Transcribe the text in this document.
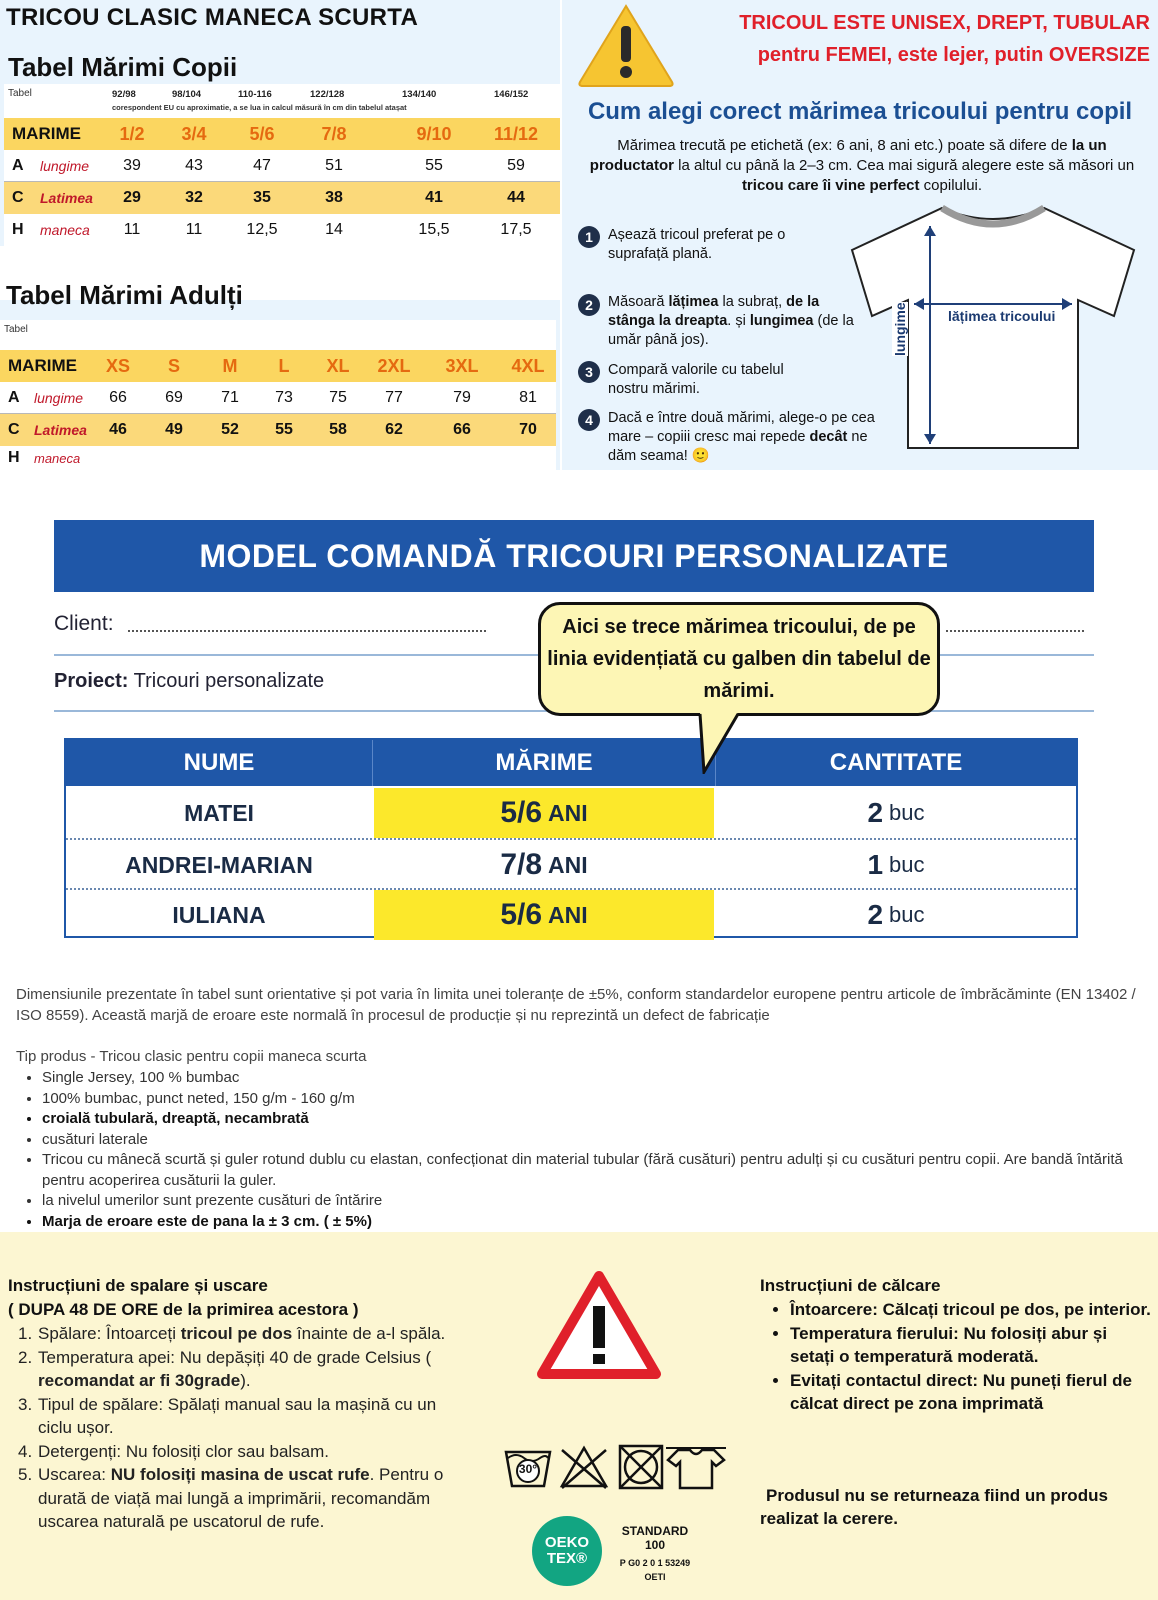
TRICOU CLASIC MANECA SCURTA
Tabel Mărimi Copii
Tabel	92/98	98/104	110-116	122/128	134/140	146/152
corespondent EU cu aproximatie, a se lua in calcul măsură în cm din tabelul atașat
MARIME	1/2	3/4	5/6	7/8	9/10 11/12
A lungime	39	43	47	51	55	59
C Latimea	29	32	35	38	41	44
H maneca	11	11	12,5	14	15,5	17,5
Tabel Mărimi Adulți
Tabel
MARIME	XS	S	M	L	XL	2XL	3XL	4XL
A lungime	66	69	71	73	75	77	79	81
C Latimea	46	49	52	55	58	62	66	70
H maneca
TRICOUL ESTE UNISEX, DREPT, TUBULAR
pentru FEMEI, este lejer, putin OVERSIZE
Cum alegi corect mărimea tricoului pentru copil
Mărimea trecută pe etichetă (ex: 6 ani, 8 ani etc.) poate să difere de la un productator la altul cu până la 2–3 cm. Cea mai sigură alegere este să măsori un tricou care îi vine perfect copilului.
1	Așează tricoul preferat pe o suprafață plană.
2	Măsoară lățimea la subraț, de la stânga la dreapta. și lungimea (de la umăr până jos).
3	Compară valorile cu tabelul nostru mărimi.
4	Dacă e între două mărimi, alege-o pe cea mare – copiii cresc mai repede decât ne dăm seama! 🙂
lățimea tricoului
lungime
MODEL COMANDĂ TRICOURI PERSONALIZATE
Client:
Proiect: Tricouri personalizate
NUME	MĂRIME	CANTITATE
MATEI	5/6 ANI	2 buc
ANDREI-MARIAN	7/8 ANI	1 buc
IULIANA	5/6 ANI	2 buc
Aici se trece mărimea tricoului, de pe linia evidențiată cu galben din tabelul de mărimi.
Dimensiunile prezentate în tabel sunt orientative și pot varia în limita unei toleranțe de ±5%, conform standardelor europene pentru articole de îmbrăcăminte (EN 13402 / ISO 8559). Această marjă de eroare este normală în procesul de producție și nu reprezintă un defect de fabricație
Tip produs - Tricou clasic pentru copii maneca scurta
• Single Jersey, 100 % bumbac
• 100% bumbac, punct neted, 150 g/m - 160 g/m
• croială tubulară, dreaptă, necambrată
• cusături laterale
• Tricou cu mânecă scurtă și guler rotund dublu cu elastan, confecționat din material tubular (fără cusături) pentru adulți și cu cusături pentru copii. Are bandă întărită pentru acoperirea cusăturii la guler.
• la nivelul umerilor sunt prezente cusături de întărire
• Marja de eroare este de pana la ± 3 cm. ( ± 5%)
Instrucțiuni de spalare și uscare
( DUPA 48 DE ORE de la primirea acestora )
1. Spălare: Întoarceți tricoul pe dos înainte de a-l spăla.
2. Temperatura apei: Nu depășiți 40 de grade Celsius ( recomandat ar fi 30grade).
3. Tipul de spălare: Spălați manual sau la mașină cu un ciclu ușor.
4. Detergenți: Nu folosiți clor sau balsam.
5. Uscarea: NU folosiți masina de uscat rufe. Pentru o durată de viață mai lungă a imprimării, recomandăm uscarea naturală pe uscatorul de rufe.
30°
OEKO
TEX®
STANDARD
100
P G0 2 0 1 53249
OETI
Instrucțiuni de călcare
• Întoarcere: Călcați tricoul pe dos, pe interior.
• Temperatura fierului: Nu folosiți abur și setați o temperatură moderată.
• Evitați contactul direct: Nu puneți fierul de călcat direct pe zona imprimată
Produsul nu se returneaza fiind un produs realizat la cerere.
